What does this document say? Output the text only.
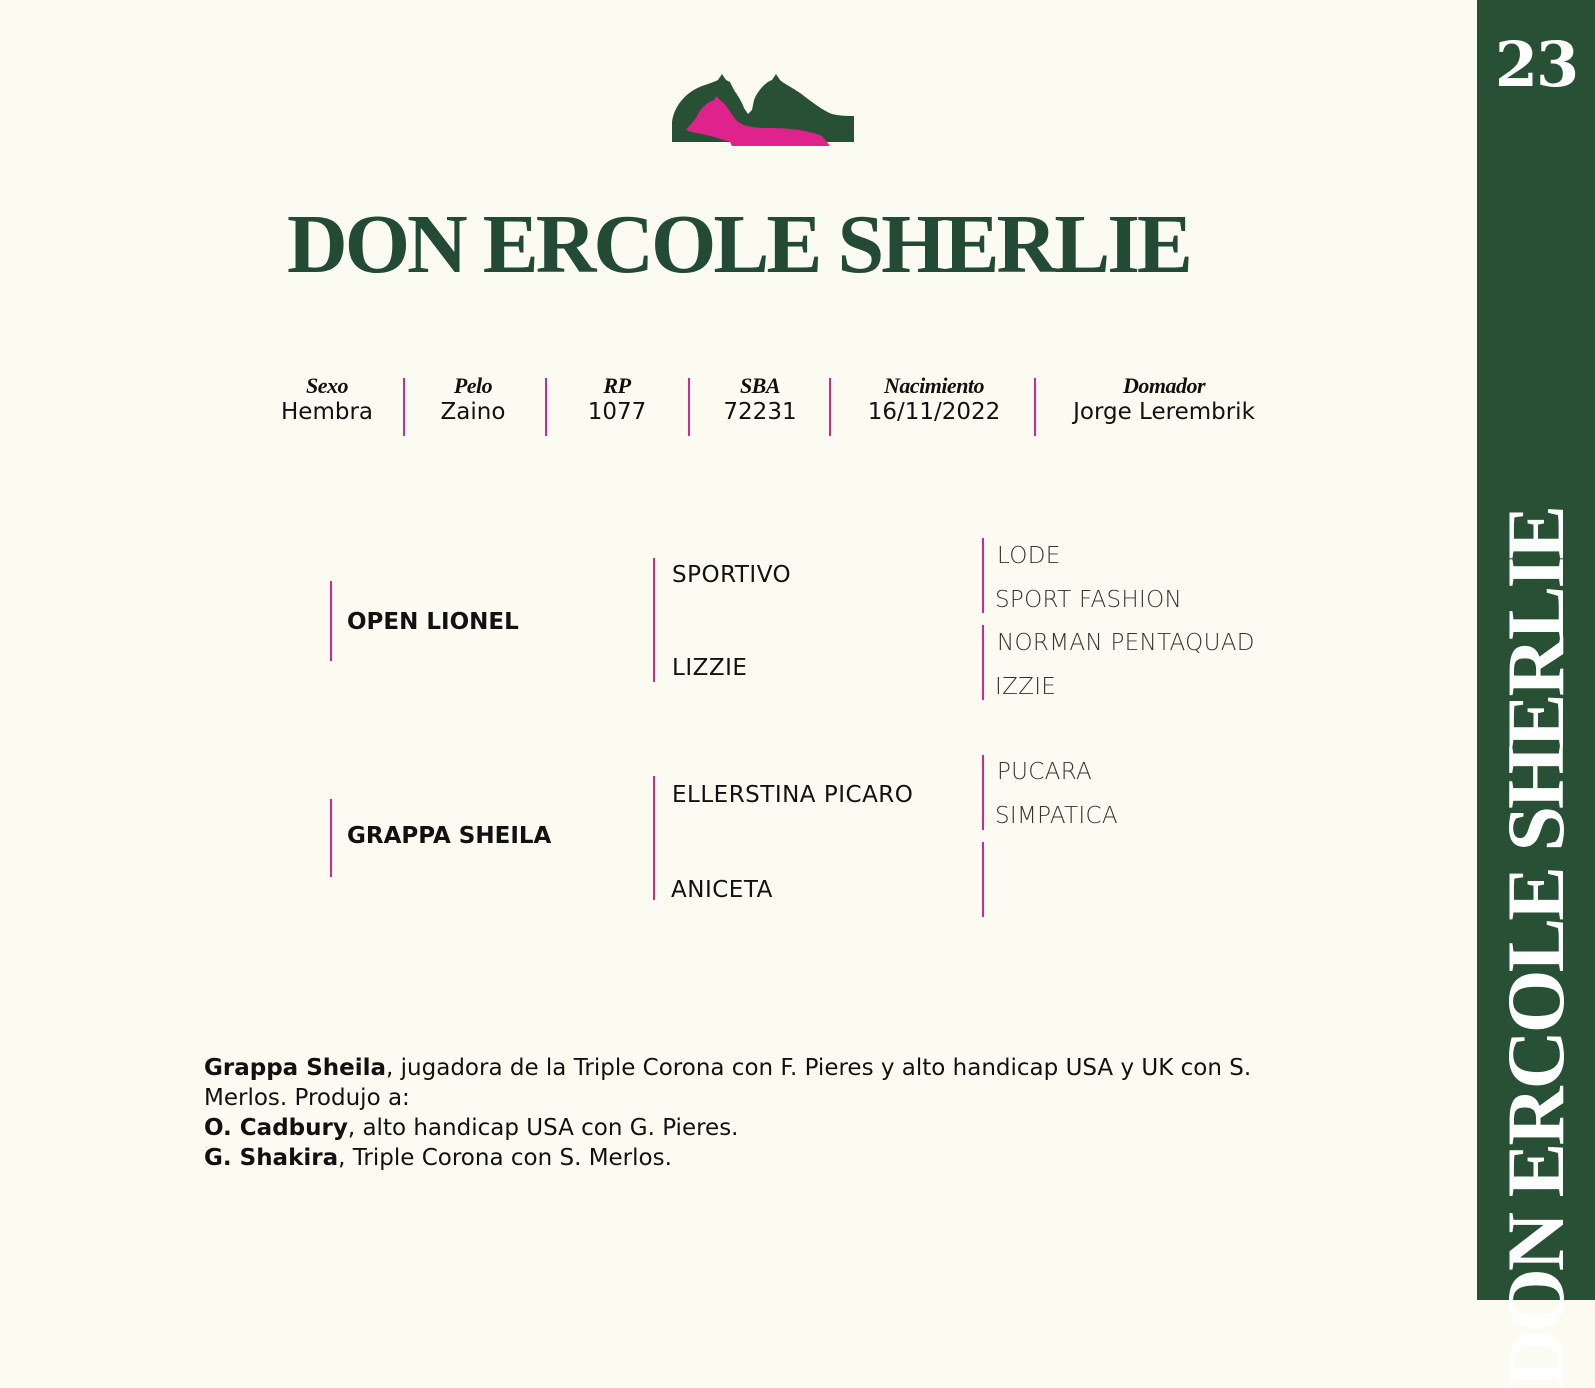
23
DON ERCOLE SHERLIE
DON ERCOLE SHERLIE
Sexo
Hembra
Pelo
Zaino
RP
1077
SBA
72231
Nacimiento
16/11/2022
Domador
Jorge Lerembrik
OPEN LIONEL
GRAPPA SHEILA
SPORTIVO
LIZZIE
ELLERSTINA PICARO
ANICETA
LODE
SPORT FASHION
NORMAN PENTAQUAD
IZZIE
PUCARA
SIMPATICA

Grappa Sheila, jugadora de la Triple Corona con F. Pieres y alto handicap USA y UK con S. Merlos. Produjo a:

O. Cadbury, alto handicap USA con G. Pieres.

G. Shakira, Triple Corona con S. Merlos.
